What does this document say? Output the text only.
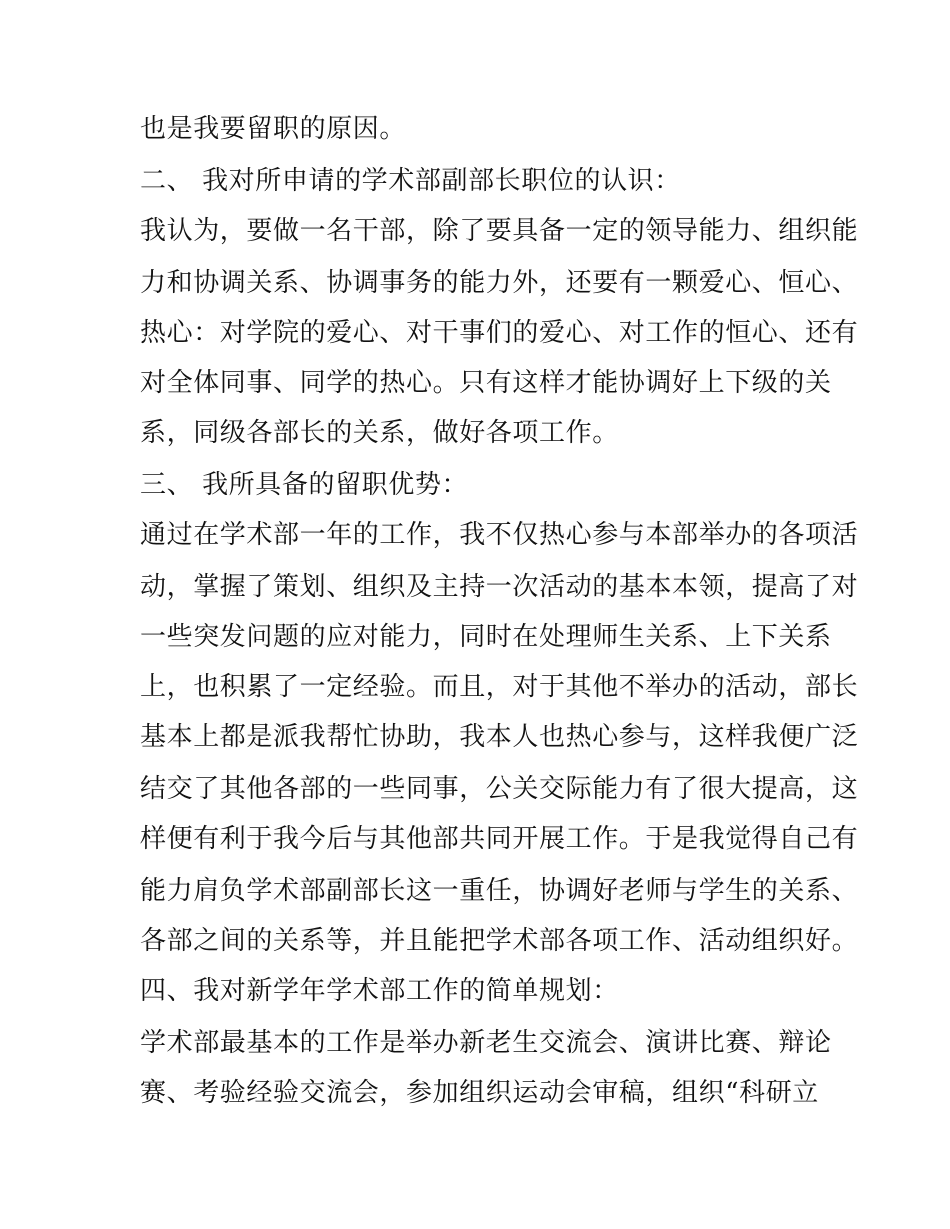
也是我要留职的原因。
二、 我对所申请的学术部副部长职位的认识：
我认为，要做一名干部，除了要具备一定的领导能力、组织能
力和协调关系、协调事务的能力外，还要有一颗爱心、恒心、
热心：对学院的爱心、对干事们的爱心、对工作的恒心、还有
对全体同事、同学的热心。只有这样才能协调好上下级的关
系，同级各部长的关系，做好各项工作。
三、 我所具备的留职优势：
通过在学术部一年的工作，我不仅热心参与本部举办的各项活
动，掌握了策划、组织及主持一次活动的基本本领，提高了对
一些突发问题的应对能力，同时在处理师生关系、上下关系
上，也积累了一定经验。而且，对于其他不举办的活动，部长
基本上都是派我帮忙协助，我本人也热心参与，这样我便广泛
结交了其他各部的一些同事，公关交际能力有了很大提高，这
样便有利于我今后与其他部共同开展工作。于是我觉得自己有
能力肩负学术部副部长这一重任，协调好老师与学生的关系、
各部之间的关系等，并且能把学术部各项工作、活动组织好。
四、我对新学年学术部工作的简单规划：
学术部最基本的工作是举办新老生交流会、演讲比赛、辩论
赛、考验经验交流会，参加组织运动会审稿，组织“科研立
